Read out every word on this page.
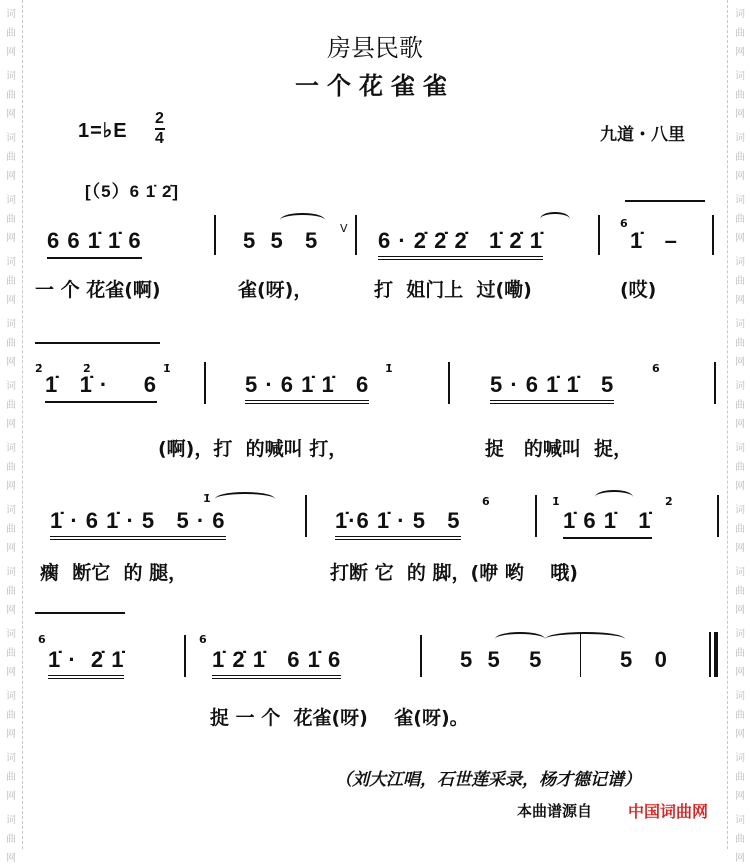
词
曲
网
词
曲
网
词
曲
网
词
曲
网
词
曲
网
词
曲
网
词
曲
网
词
曲
网
词
曲
网
词
曲
网
词
曲
网
词
曲
网
词
曲
网
词
曲
网
词
曲
网
词
曲
网
词
曲
网
词
曲
网
词
曲
网
词
曲
网
词
曲
网
词
曲
网
词
曲
网
词
曲
网
词
曲
网
词
曲
网
词
曲
网
词
曲
网
房县民歌
一个花雀雀
1=♭E
2
4	九道・八里
[（5）6 1̇ 2̇]
6 6 1̇ 1̇ 6	5  5   5 V 6 · 2̇ 2̇ 2̇   1̇ 2̇ 1̇
6
1̇   –
一 个 花雀(啊)	雀(呀)，	打  姐门上  过(嘞)	(哎)
2̇	2̇	1̇
1̇   1̇ ·     6	5 · 6 1̇ 1̇   6
1̇
5 · 6 1̇ 1̇   5
6
(啊)，打  的喊叫 打，	捉   的喊叫  捉，
1̇ · 6 1̇ · 5   5 · 6
1̇
1̇·6 1̇ · 5   5
6	1̇
1̇ 6 1̇   1̇
2̇
瘸  断它  的 腿，	打断 它  的 脚，(咿 哟    哦)
6
1̇ ·  2̇ 1̇
6
1̇ 2̇ 1̇   6 1̇ 6	5  5    5	5   0
捉 一 个  花雀(呀)    雀(呀)。
（刘大江唱，石世莲采录，杨才德记谱）
本曲谱源自 中国词曲网
